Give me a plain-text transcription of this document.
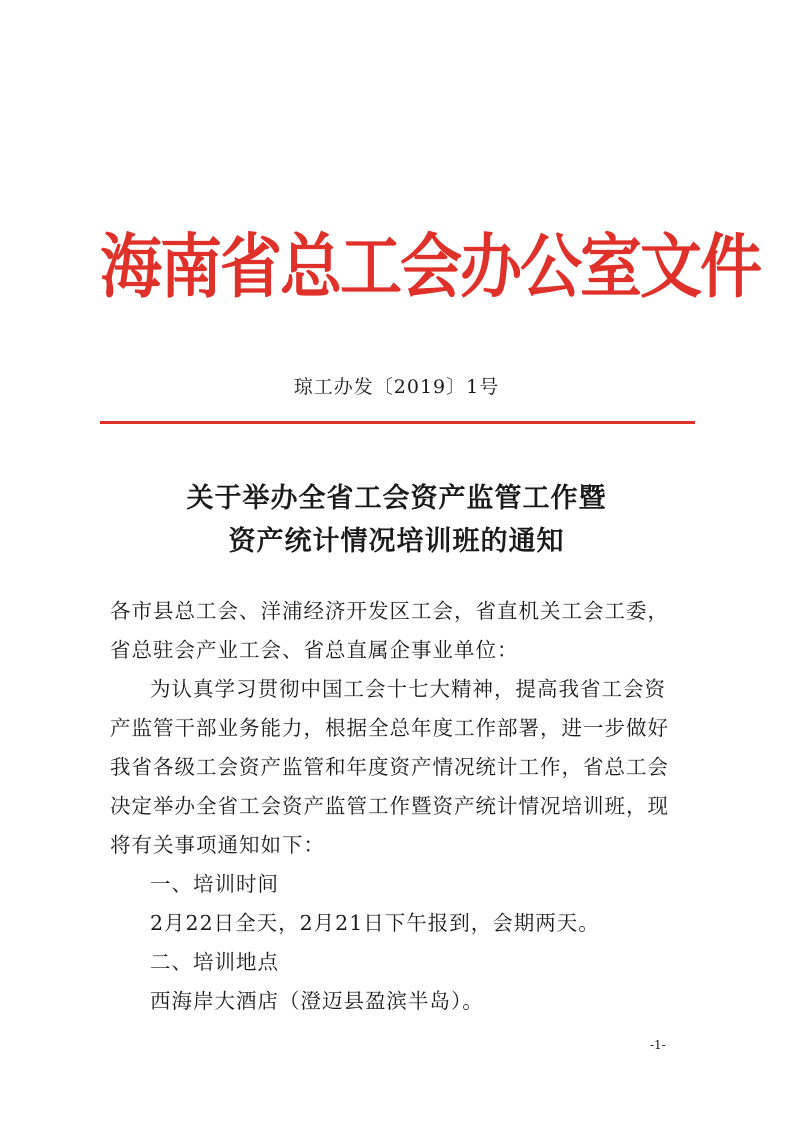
海南省总工会办公室文件
琼工办发〔2019〕1号
关于举办全省工会资产监管工作暨
资产统计情况培训班的通知
各市县总工会、洋浦经济开发区工会，省直机关工会工委，
省总驻会产业工会、省总直属企事业单位：
为认真学习贯彻中国工会十七大精神，提高我省工会资
产监管干部业务能力，根据全总年度工作部署，进一步做好
我省各级工会资产监管和年度资产情况统计工作，省总工会
决定举办全省工会资产监管工作暨资产统计情况培训班，现
将有关事项通知如下：
一、培训时间
2月22日全天，2月21日下午报到，会期两天。
二、培训地点
西海岸大酒店（澄迈县盈滨半岛）。
-1-
